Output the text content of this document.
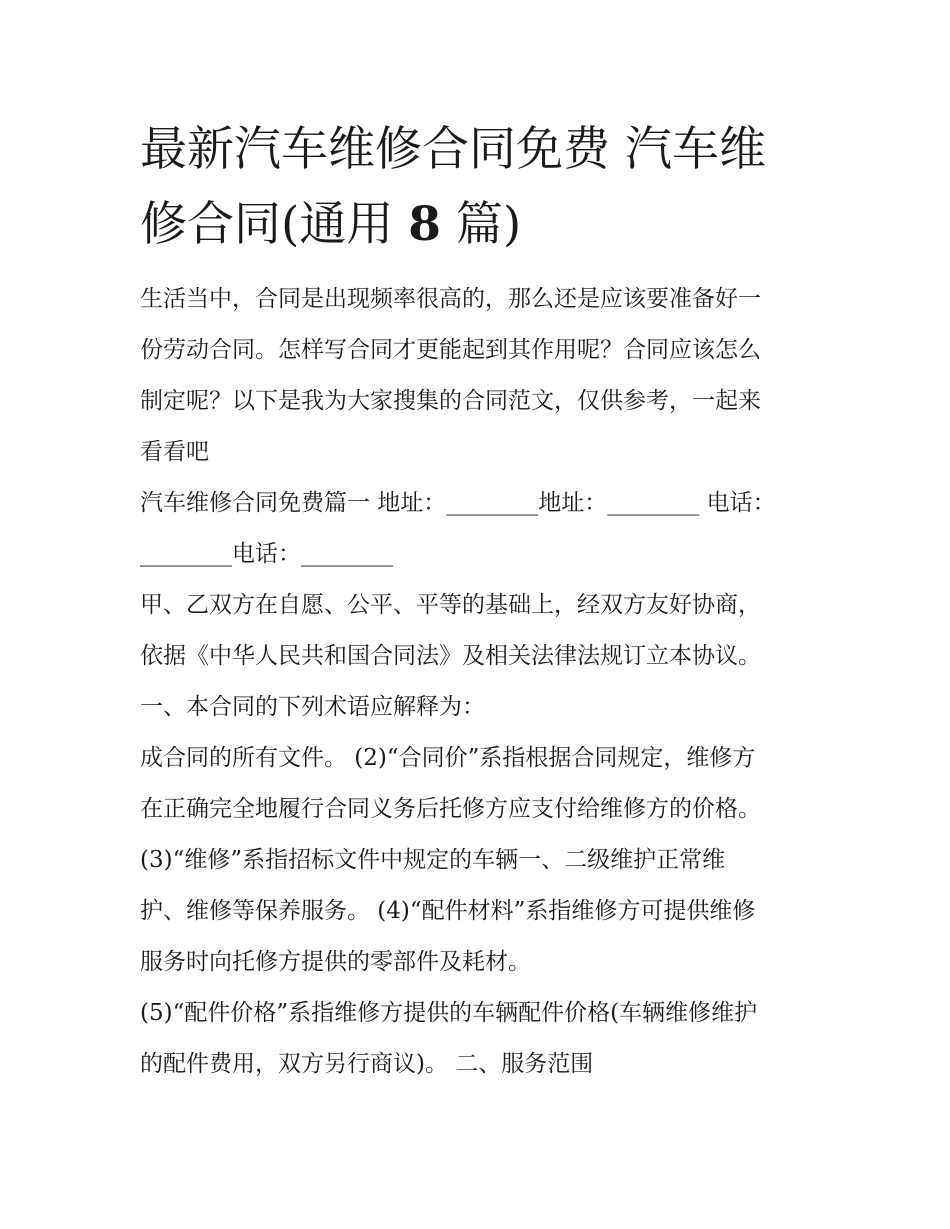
最新汽车维修合同免费 汽车维
修合同(通用 8 篇)

生活当中，合同是出现频率很高的，那么还是应该要准备好一
份劳动合同。怎样写合同才更能起到其作用呢？合同应该怎么
制定呢？以下是我为大家搜集的合同范文，仅供参考，一起来
看看吧

汽车维修合同免费篇一 地址：________地址：________ 电话：
________电话：________

甲、乙双方在自愿、公平、平等的基础上，经双方友好协商，
依据《中华人民共和国合同法》及相关法律法规订立本协议。

一、本合同的下列术语应解释为：

成合同的所有文件。 (2)“合同价”系指根据合同规定，维修方
在正确完全地履行合同义务后托修方应支付给维修方的价格。

(3)“维修”系指招标文件中规定的车辆一、二级维护正常维
护、维修等保养服务。 (4)“配件材料”系指维修方可提供维修
服务时向托修方提供的零部件及耗材。

(5)“配件价格”系指维修方提供的车辆配件价格(车辆维修维护
的配件费用，双方另行商议)。 二、服务范围
